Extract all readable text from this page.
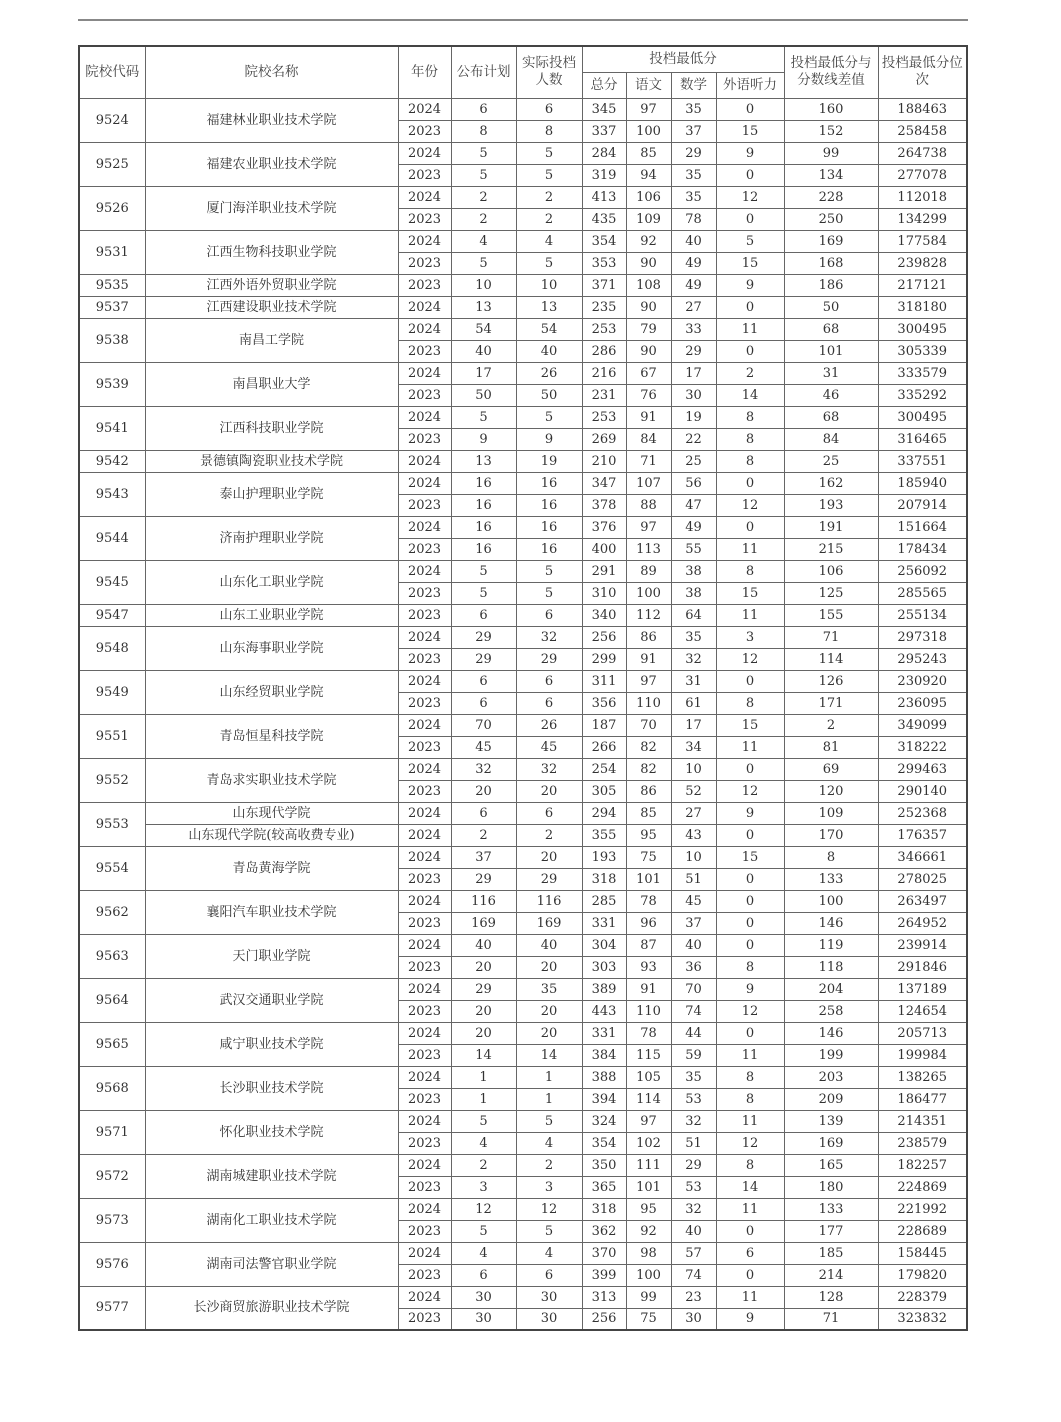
院校代码	院校名称	年份	公布计划	实际投档人数	投档最低分				投档最低分与分数线差值	投档最低分位次
					总分	语文	数学	外语听力		
9524	福建林业职业技术学院	2024	6	6	345	97	35	0	160	188463
		2023	8	8	337	100	37	15	152	258458
9525	福建农业职业技术学院	2024	5	5	284	85	29	9	99	264738
		2023	5	5	319	94	35	0	134	277078
9526	厦门海洋职业技术学院	2024	2	2	413	106	35	12	228	112018
		2023	2	2	435	109	78	0	250	134299
9531	江西生物科技职业学院	2024	4	4	354	92	40	5	169	177584
		2023	5	5	353	90	49	15	168	239828
9535	江西外语外贸职业学院	2023	10	10	371	108	49	9	186	217121
9537	江西建设职业技术学院	2024	13	13	235	90	27	0	50	318180
9538	南昌工学院	2024	54	54	253	79	33	11	68	300495
		2023	40	40	286	90	29	0	101	305339
9539	南昌职业大学	2024	17	26	216	67	17	2	31	333579
		2023	50	50	231	76	30	14	46	335292
9541	江西科技职业学院	2024	5	5	253	91	19	8	68	300495
		2023	9	9	269	84	22	8	84	316465
9542	景德镇陶瓷职业技术学院	2024	13	19	210	71	25	8	25	337551
9543	泰山护理职业学院	2024	16	16	347	107	56	0	162	185940
		2023	16	16	378	88	47	12	193	207914
9544	济南护理职业学院	2024	16	16	376	97	49	0	191	151664
		2023	16	16	400	113	55	11	215	178434
9545	山东化工职业学院	2024	5	5	291	89	38	8	106	256092
		2023	5	5	310	100	38	15	125	285565
9547	山东工业职业学院	2023	6	6	340	112	64	11	155	255134
9548	山东海事职业学院	2024	29	32	256	86	35	3	71	297318
		2023	29	29	299	91	32	12	114	295243
9549	山东经贸职业学院	2024	6	6	311	97	31	0	126	230920
		2023	6	6	356	110	61	8	171	236095
9551	青岛恒星科技学院	2024	70	26	187	70	17	15	2	349099
		2023	45	45	266	82	34	11	81	318222
9552	青岛求实职业技术学院	2024	32	32	254	82	10	0	69	299463
		2023	20	20	305	86	52	12	120	290140
9553	山东现代学院	2024	6	6	294	85	27	9	109	252368
	山东现代学院(较高收费专业)	2024	2	2	355	95	43	0	170	176357
9554	青岛黄海学院	2024	37	20	193	75	10	15	8	346661
		2023	29	29	318	101	51	0	133	278025
9562	襄阳汽车职业技术学院	2024	116	116	285	78	45	0	100	263497
		2023	169	169	331	96	37	0	146	264952
9563	天门职业学院	2024	40	40	304	87	40	0	119	239914
		2023	20	20	303	93	36	8	118	291846
9564	武汉交通职业学院	2024	29	35	389	91	70	9	204	137189
		2023	20	20	443	110	74	12	258	124654
9565	咸宁职业技术学院	2024	20	20	331	78	44	0	146	205713
		2023	14	14	384	115	59	11	199	199984
9568	长沙职业技术学院	2024	1	1	388	105	35	8	203	138265
		2023	1	1	394	114	53	8	209	186477
9571	怀化职业技术学院	2024	5	5	324	97	32	11	139	214351
		2023	4	4	354	102	51	12	169	238579
9572	湖南城建职业技术学院	2024	2	2	350	111	29	8	165	182257
		2023	3	3	365	101	53	14	180	224869
9573	湖南化工职业技术学院	2024	12	12	318	95	32	11	133	221992
		2023	5	5	362	92	40	0	177	228689
9576	湖南司法警官职业学院	2024	4	4	370	98	57	6	185	158445
		2023	6	6	399	100	74	0	214	179820
9577	长沙商贸旅游职业技术学院	2024	30	30	313	99	23	11	128	228379
		2023	30	30	256	75	30	9	71	323832
